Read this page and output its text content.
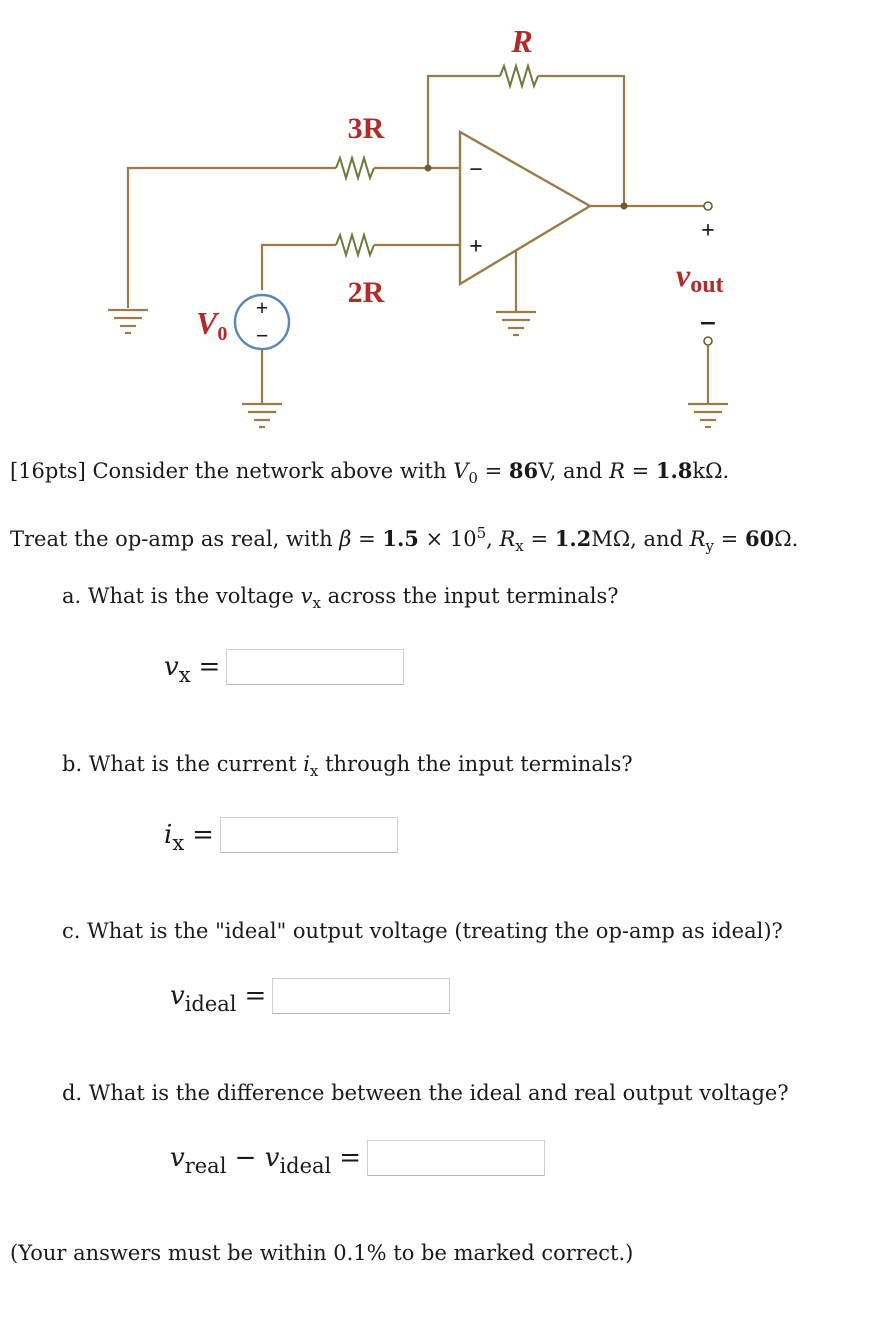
+
−
−
+
+
−
R
3R
2R
V0
vout

[16pts] Consider the network above with $V_0 = 86V$, and R = 1.8kΩ.

Treat the op-amp as real, with $\beta = 1.5 \times 10^5$, $R_x = 1.2M\Omega$, and $R_y = 60\Omega$.

a. What is the voltage $v_x$ across the input terminals?

$v_x$ =

b. What is the current $i_x$ through the input terminals?

$i_x$ =

c. What is the "ideal" output voltage (treating the op-amp as ideal)?

$v_{ideal}$ =

d. What is the difference between the ideal and real output voltage?

$v_{real} - v_{ideal}$ =

(Your answers must be within 0.1% to be marked correct.)
